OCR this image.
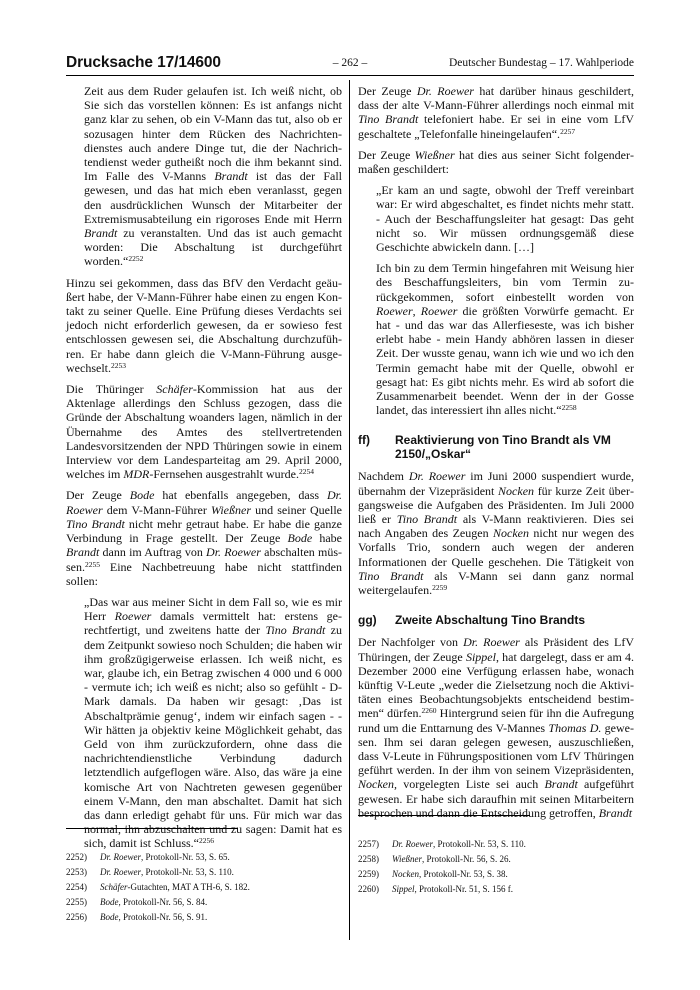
Drucksache 17/14600	– 262 –	Deutscher Bundestag – 17. Wahlperiode

Zeit aus dem Ruder gelaufen ist. Ich weiß nicht, ob Sie sich das vorstellen können: Es ist anfangs nicht ganz klar zu sehen, ob ein V-Mann das tut, also ob er sozusagen hinter dem Rücken des Nachrichtendienstes auch andere Dinge tut, die der Nachrichtendienst weder gutheißt noch die ihm bekannt sind. Im Falle des V-Manns Brandt ist das der Fall gewesen, und das hat mich eben veranlasst, gegen den ausdrücklichen Wunsch der Mitarbeiter der Extremismusabteilung ein rigoroses Ende mit Herrn Brandt zu veranstalten. Und das ist auch gemacht worden: Die Abschaltung ist durchgeführt worden.“$^{2252}$

Hinzu sei gekommen, dass das BfV den Verdacht geäußert habe, der V-Mann-Führer habe einen zu engen Kontakt zu seiner Quelle. Eine Prüfung dieses Verdachts sei jedoch nicht erforderlich gewesen, da er sowieso fest entschlossen gewesen sei, die Abschaltung durchzuführen. Er habe dann gleich die V-Mann-Führung ausgewechselt.$^{2253}$

Die Thüringer Schäfer-Kommission hat aus der Aktenlage allerdings den Schluss gezogen, dass die Gründe der Abschaltung woanders lagen, nämlich in der Übernahme des Amtes des stellvertretenden Landesvorsitzenden der NPD Thüringen sowie in einem Interview vor dem Landesparteitag am 29. April 2000, welches im MDR-Fernsehen ausgestrahlt wurde.$^{2254}$

Der Zeuge Bode hat ebenfalls angegeben, dass Dr. Roewer dem V-Mann-Führer Wießner und seiner Quelle Tino Brandt nicht mehr getraut habe. Er habe die ganze Verbindung in Frage gestellt. Der Zeuge Bode habe Brandt dann im Auftrag von Dr. Roewer abschalten müssen.$^{2255}$ Eine Nachbetreuung habe nicht stattfinden sollen:

„Das war aus meiner Sicht in dem Fall so, wie es mir Herr Roewer damals vermittelt hat: erstens gerechtfertigt, und zweitens hatte der Tino Brandt zu dem Zeitpunkt sowieso noch Schulden; die haben wir ihm großzügigerweise erlassen. Ich weiß nicht, es war, glaube ich, ein Betrag zwischen 4 000 und 6 000 - vermute ich; ich weiß es nicht; also so gefühlt - D-Mark damals. Da haben wir gesagt: ‚Das ist Abschaltprämie genug‘, indem wir einfach sagen - - Wir hätten ja objektiv keine Möglichkeit gehabt, das Geld von ihm zurückzufordern, ohne dass die nachrichtendienstliche Verbindung dadurch letztendlich aufgeflogen wäre. Also, das wäre ja eine komische Art von Nachtreten gewesen gegenüber einem V-Mann, den man abschaltet. Damit hat sich das dann erledigt gehabt für uns. Für mich war das normal, ihn abzuschalten und zu sagen: Damit hat es sich, damit ist Schluss.“$^{2256}$

Der Zeuge Dr. Roewer hat darüber hinaus geschildert, dass der alte V-Mann-Führer allerdings noch einmal mit Tino Brandt telefoniert habe. Er sei in eine vom LfV geschaltete „Telefonfalle hineingelaufen“.$^{2257}$

Der Zeuge Wießner hat dies aus seiner Sicht folgendermaßen geschildert:

„Er kam an und sagte, obwohl der Treff vereinbart war: Er wird abgeschaltet, es findet nichts mehr statt. - Auch der Beschaffungsleiter hat gesagt: Das geht nicht so. Wir müssen ordnungsgemäß diese Geschichte abwickeln dann. […]

Ich bin zu dem Termin hingefahren mit Weisung hier des Beschaffungsleiters, bin vom Termin zurückgekommen, sofort einbestellt worden von Roewer, Roewer die größten Vorwürfe gemacht. Er hat - und das war das Allerfieseste, was ich bisher erlebt habe - mein Handy abhören lassen in dieser Zeit. Der wusste genau, wann ich wie und wo ich den Termin gemacht habe mit der Quelle, obwohl er gesagt hat: Es gibt nichts mehr. Es wird ab sofort die Zusammenarbeit beendet. Wenn der in der Gosse landet, das interessiert ihn alles nicht.“$^{2258}$

ff)	Reaktivierung von Tino Brandt als VM 2150/„Oskar“

Nachdem Dr. Roewer im Juni 2000 suspendiert wurde, übernahm der Vizepräsident Nocken für kurze Zeit übergangsweise die Aufgaben des Präsidenten. Im Juli 2000 ließ er Tino Brandt als V-Mann reaktivieren. Dies sei nach Angaben des Zeugen Nocken nicht nur wegen des Vorfalls Trio, sondern auch wegen der anderen Informationen der Quelle geschehen. Die Tätigkeit von Tino Brandt als V-Mann sei dann ganz normal weitergelaufen.$^{2259}$

gg)	Zweite Abschaltung Tino Brandts

Der Nachfolger von Dr. Roewer als Präsident des LfV Thüringen, der Zeuge Sippel, hat dargelegt, dass er am 4. Dezember 2000 eine Verfügung erlassen habe, wonach künftig V-Leute „weder die Zielsetzung noch die Aktivitäten eines Beobachtungsobjekts entscheidend bestimmen“ dürfen.$^{2260}$ Hintergrund seien für ihn die Aufregung rund um die Enttarnung des V-Mannes Thomas D. gewesen. Ihm sei daran gelegen gewesen, auszuschließen, dass V-Leute in Führungspositionen vom LfV Thüringen geführt werden. In der ihm von seinem Vizepräsidenten, Nocken, vorgelegten Liste sei auch Brandt aufgeführt gewesen. Er habe sich daraufhin mit seinen Mitarbeitern besprochen und dann die Entscheidung getroffen, Brandt

2252)	Dr. Roewer, Protokoll-Nr. 53, S. 65.
2253)	Dr. Roewer, Protokoll-Nr. 53, S. 110.
2254)	Schäfer-Gutachten, MAT A TH-6, S. 182.
2255)	Bode, Protokoll-Nr. 56, S. 84.
2256)	Bode, Protokoll-Nr. 56, S. 91.
2257)	Dr. Roewer, Protokoll-Nr. 53, S. 110.
2258)	Wießner, Protokoll-Nr. 56, S. 26.
2259)	Nocken, Protokoll-Nr. 53, S. 38.
2260)	Sippel, Protokoll-Nr. 51, S. 156 f.
